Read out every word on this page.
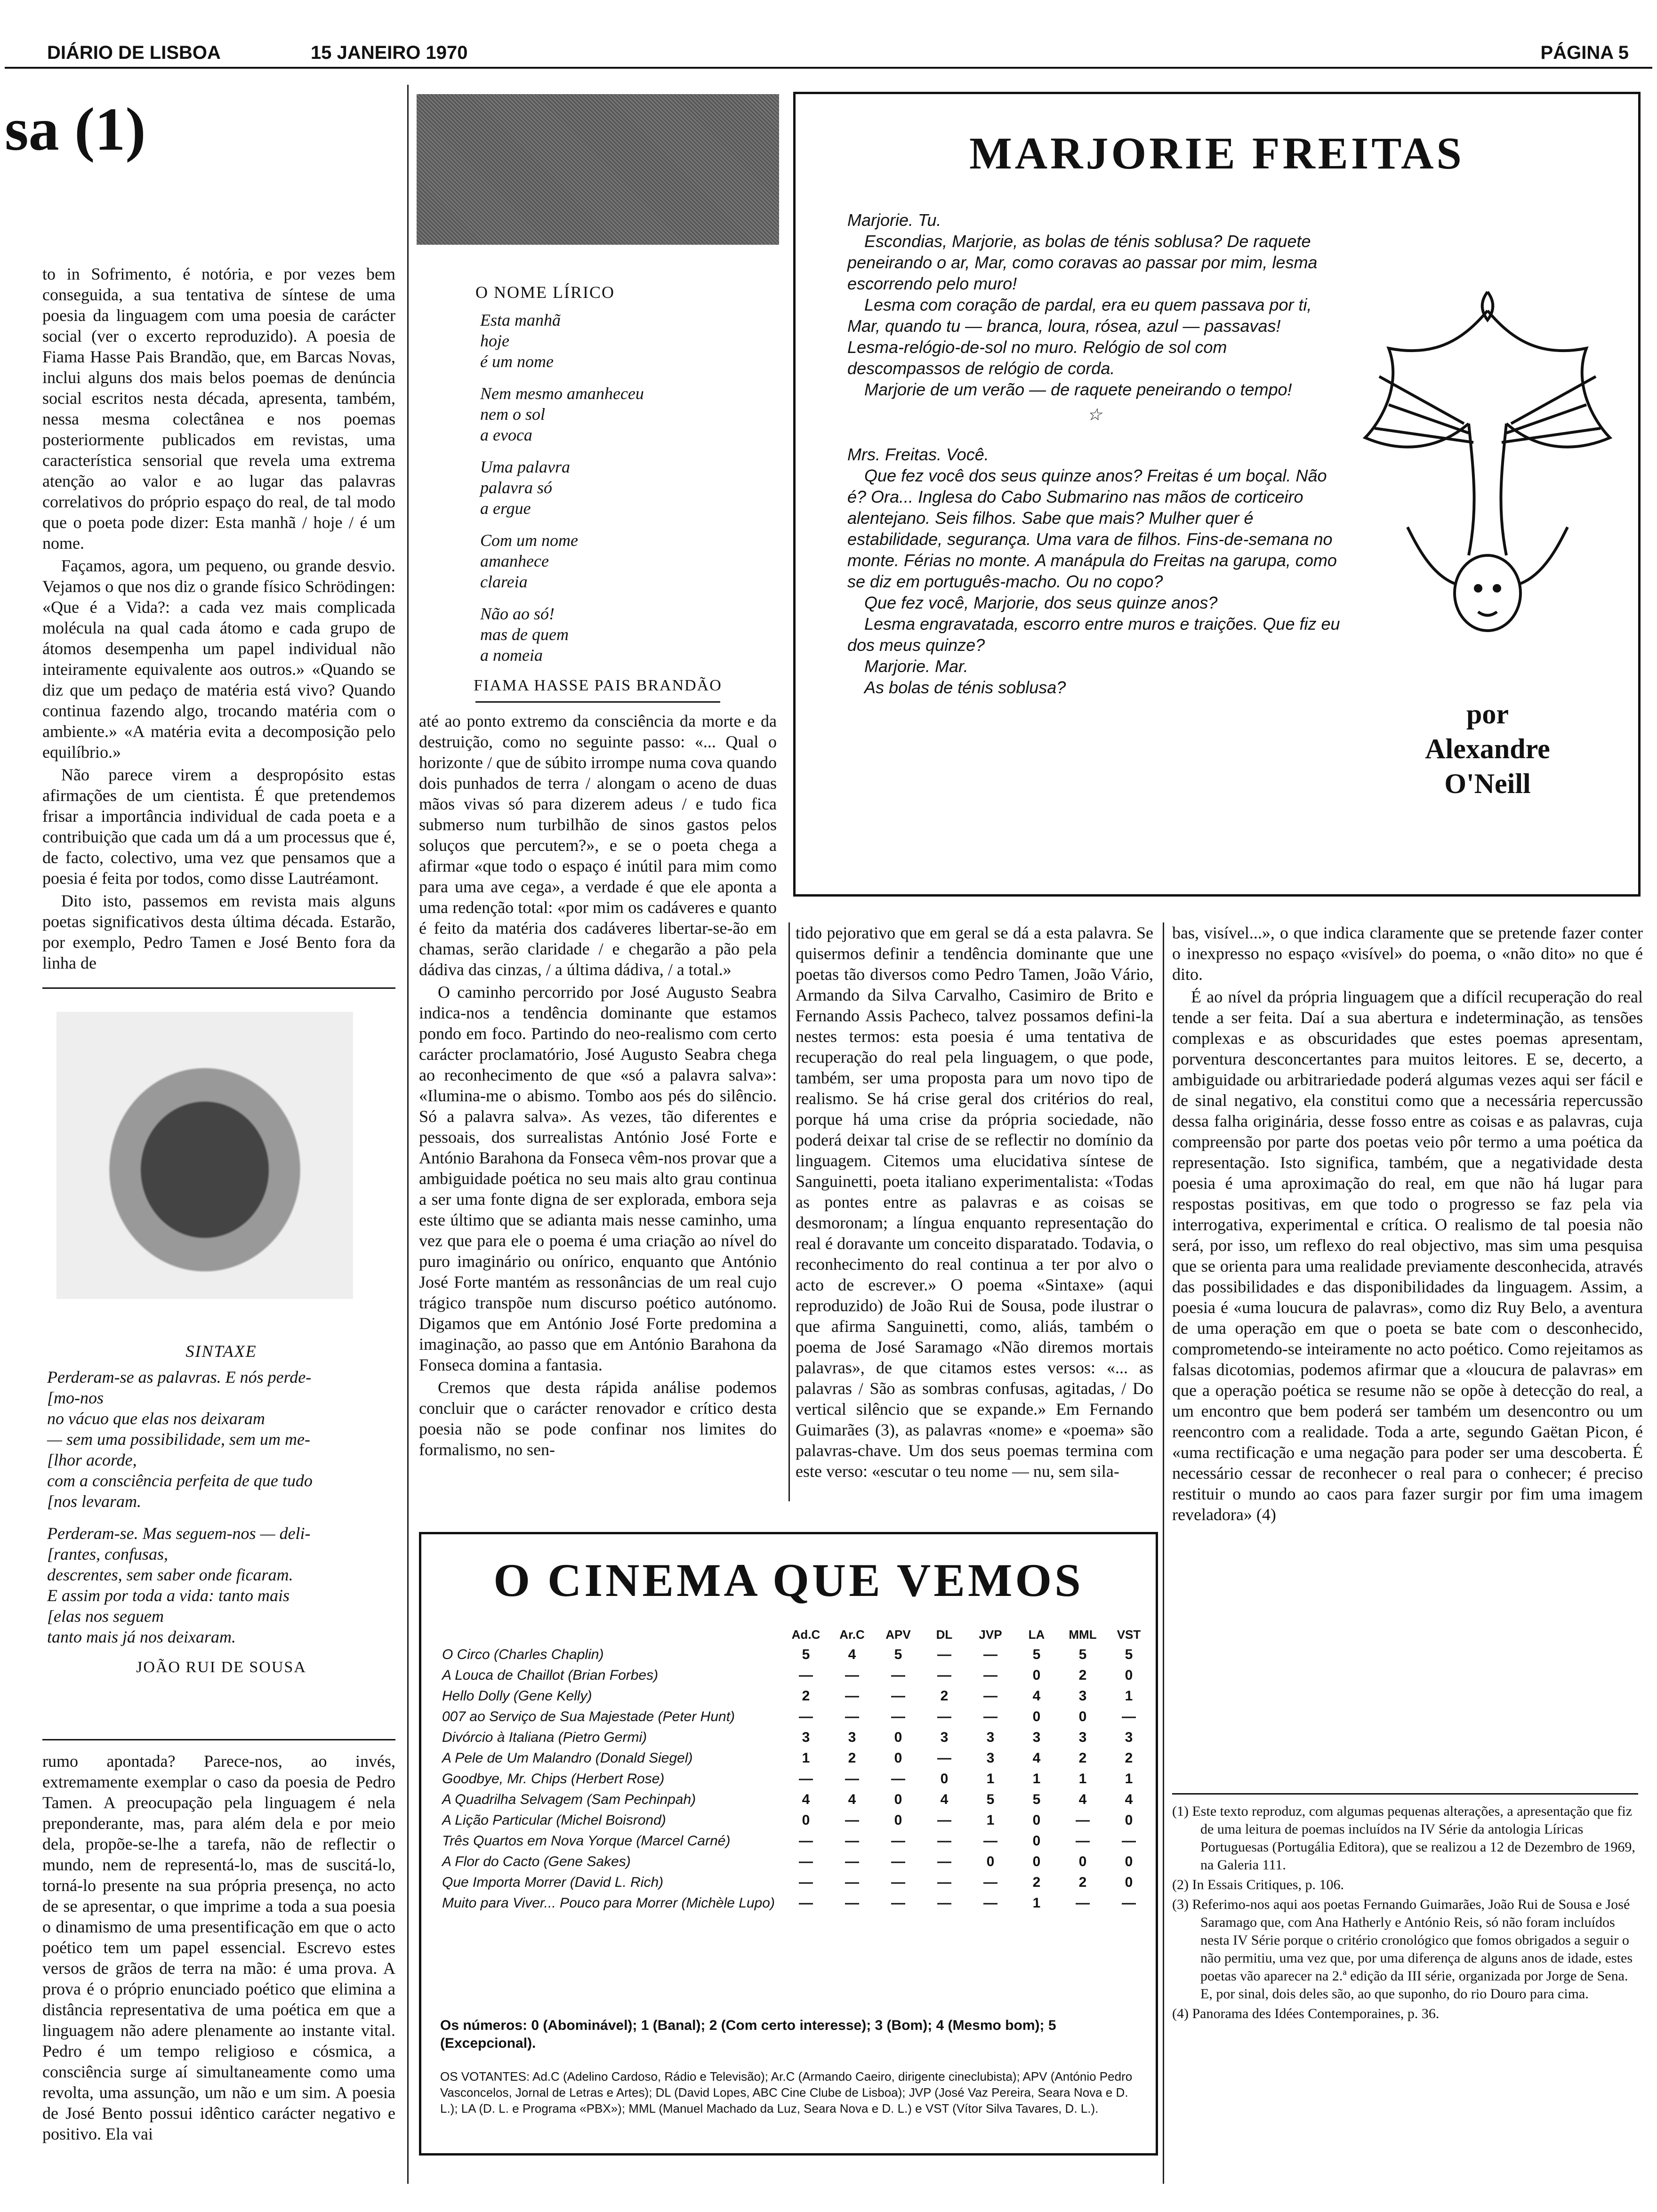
DIÁRIO DE LISBOA	15 JANEIRO 1970	PÁGINA 5
sa (1)

to in Sofrimento, é notória, e por vezes bem conseguida, a sua tentativa de síntese de uma poesia da linguagem com uma poesia de carácter social (ver o excerto reproduzido). A poesia de Fiama Hasse Pais Brandão, que, em Barcas Novas, inclui alguns dos mais belos poemas de denúncia social escritos nesta década, apresenta, também, nessa mesma colectânea e nos poemas posteriormente publicados em revistas, uma característica sensorial que revela uma extrema atenção ao valor e ao lugar das palavras correlativos do próprio espaço do real, de tal modo que o poeta pode dizer: Esta manhã / hoje / é um nome.

Façamos, agora, um pequeno, ou grande desvio. Vejamos o que nos diz o grande físico Schrödingen: «Que é a Vida?: a cada vez mais complicada molécula na qual cada átomo e cada grupo de átomos desempenha um papel individual não inteiramente equivalente aos outros.» «Quando se diz que um pedaço de matéria está vivo? Quando continua fazendo algo, trocando matéria com o ambiente.» «A matéria evita a decomposição pelo equilíbrio.»

Não parece virem a despropósito estas afirmações de um cientista. É que pretendemos frisar a importância individual de cada poeta e a contribuição que cada um dá a um processus que é, de facto, colectivo, uma vez que pensamos que a poesia é feita por todos, como disse Lautréamont.

Dito isto, passemos em revista mais alguns poetas significativos desta última década. Estarão, por exemplo, Pedro Tamen e José Bento fora da linha de

SINTAXE

Perderam-se as palavras. E nós perde-
[mo-nos
no vácuo que elas nos deixaram
— sem uma possibilidade, sem um me-
[lhor acorde,
com a consciência perfeita de que tudo
[nos levaram.

Perderam-se. Mas seguem-nos — deli-
[rantes, confusas,
descrentes, sem saber onde ficaram.
E assim por toda a vida: tanto mais
[elas nos seguem
tanto mais já nos deixaram.

JOÃO RUI DE SOUSA

rumo apontada? Parece-nos, ao invés, extremamente exemplar o caso da poesia de Pedro Tamen. A preocupação pela linguagem é nela preponderante, mas, para além dela e por meio dela, propõe-se-lhe a tarefa, não de reflectir o mundo, nem de representá-lo, mas de suscitá-lo, torná-lo presente na sua própria presença, no acto de se apresentar, o que imprime a toda a sua poesia o dinamismo de uma presentificação em que o acto poético tem um papel essencial. Escrevo estes versos de grãos de terra na mão: é uma prova. A prova é o próprio enunciado poético que elimina a distância representativa de uma poética em que a linguagem não adere plenamente ao instante vital. Pedro é um tempo religioso e cósmica, a consciência surge aí simultaneamente como uma revolta, uma assunção, um não e um sim. A poesia de José Bento possui idêntico carácter negativo e positivo. Ela vai

O NOME LÍRICO

Esta manhã
hoje
é um nome

Nem mesmo amanheceu
nem o sol
a evoca

Uma palavra
palavra só
a ergue

Com um nome
amanhece
clareia

Não ao só!
mas de quem
a nomeia

FIAMA HASSE PAIS BRANDÃO

até ao ponto extremo da consciência da morte e da destruição, como no seguinte passo: «... Qual o horizonte / que de súbito irrompe numa cova quando dois punhados de terra / alongam o aceno de duas mãos vivas só para dizerem adeus / e tudo fica submerso num turbilhão de sinos gastos pelos soluços que percutem?», e se o poeta chega a afirmar «que todo o espaço é inútil para mim como para uma ave cega», a verdade é que ele aponta a uma redenção total: «por mim os cadáveres e quanto é feito da matéria dos cadáveres libertar-se-ão em chamas, serão claridade / e chegarão a pão pela dádiva das cinzas, / a última dádiva, / a total.»

O caminho percorrido por José Augusto Seabra indica-nos a tendência dominante que estamos pondo em foco. Partindo do neo-realismo com certo carácter proclamatório, José Augusto Seabra chega ao reconhecimento de que «só a palavra salva»: «Ilumina-me o abismo. Tombo aos pés do silêncio. Só a palavra salva». As vezes, tão diferentes e pessoais, dos surrealistas António José Forte e António Barahona da Fonseca vêm-nos provar que a ambiguidade poética no seu mais alto grau continua a ser uma fonte digna de ser explorada, embora seja este último que se adianta mais nesse caminho, uma vez que para ele o poema é uma criação ao nível do puro imaginário ou onírico, enquanto que António José Forte mantém as ressonâncias de um real cujo trágico transpõe num discurso poético autónomo. Digamos que em António José Forte predomina a imaginação, ao passo que em António Barahona da Fonseca domina a fantasia.

Cremos que desta rápida análise podemos concluir que o carácter renovador e crítico desta poesia não se pode confinar nos limites do formalismo, no sen-

MARJORIE FREITAS

Marjorie. Tu.

Escondias, Marjorie, as bolas de ténis soblusa? De raquete peneirando o ar, Mar, como coravas ao passar por mim, lesma escorrendo pelo muro!

Lesma com coração de pardal, era eu quem passava por ti, Mar, quando tu — branca, loura, rósea, azul — passavas! Lesma-relógio-de-sol no muro. Relógio de sol com descompassos de relógio de corda.

Marjorie de um verão — de raquete peneirando o tempo!

☆

Mrs. Freitas. Você.

Que fez você dos seus quinze anos? Freitas é um boçal. Não é? Ora... Inglesa do Cabo Submarino nas mãos de corticeiro alentejano. Seis filhos. Sabe que mais? Mulher quer é estabilidade, segurança. Uma vara de filhos. Fins-de-semana no monte. Férias no monte. A manápula do Freitas na garupa, como se diz em português-macho. Ou no copo?

Que fez você, Marjorie, dos seus quinze anos?

Lesma engravatada, escorro entre muros e traições. Que fiz eu dos meus quinze?

Marjorie. Mar.

As bolas de ténis soblusa?

por
Alexandre
O'Neill

tido pejorativo que em geral se dá a esta palavra. Se quisermos definir a tendência dominante que une poetas tão diversos como Pedro Tamen, João Vário, Armando da Silva Carvalho, Casimiro de Brito e Fernando Assis Pacheco, talvez possamos defini-la nestes termos: esta poesia é uma tentativa de recuperação do real pela linguagem, o que pode, também, ser uma proposta para um novo tipo de realismo. Se há crise geral dos critérios do real, porque há uma crise da própria sociedade, não poderá deixar tal crise de se reflectir no domínio da linguagem. Citemos uma elucidativa síntese de Sanguinetti, poeta italiano experimentalista: «Todas as pontes entre as palavras e as coisas se desmoronam; a língua enquanto representação do real é doravante um conceito disparatado. Todavia, o reconhecimento do real continua a ter por alvo o acto de escrever.» O poema «Sintaxe» (aqui reproduzido) de João Rui de Sousa, pode ilustrar o que afirma Sanguinetti, como, aliás, também o poema de José Saramago «Não diremos mortais palavras», de que citamos estes versos: «... as palavras / São as sombras confusas, agitadas, / Do vertical silêncio que se expande.» Em Fernando Guimarães (3), as palavras «nome» e «poema» são palavras-chave. Um dos seus poemas termina com este verso: «escutar o teu nome — nu, sem sila-

bas, visível...», o que indica claramente que se pretende fazer conter o inexpresso no espaço «visível» do poema, o «não dito» no que é dito.

É ao nível da própria linguagem que a difícil recuperação do real tende a ser feita. Daí a sua abertura e indeterminação, as tensões complexas e as obscuridades que estes poemas apresentam, porventura desconcertantes para muitos leitores. E se, decerto, a ambiguidade ou arbitrariedade poderá algumas vezes aqui ser fácil e de sinal negativo, ela constitui como que a necessária repercussão dessa falha originária, desse fosso entre as coisas e as palavras, cuja compreensão por parte dos poetas veio pôr termo a uma poética da representação. Isto significa, também, que a negatividade desta poesia é uma aproximação do real, em que não há lugar para respostas positivas, em que todo o progresso se faz pela via interrogativa, experimental e crítica. O realismo de tal poesia não será, por isso, um reflexo do real objectivo, mas sim uma pesquisa que se orienta para uma realidade previamente desconhecida, através das possibilidades e das disponibilidades da linguagem. Assim, a poesia é «uma loucura de palavras», como diz Ruy Belo, a aventura de uma operação em que o poeta se bate com o desconhecido, comprometendo-se inteiramente no acto poético. Como rejeitamos as falsas dicotomias, podemos afirmar que a «loucura de palavras» em que a operação poética se resume não se opõe à detecção do real, a um encontro que bem poderá ser também um desencontro ou um reencontro com a realidade. Toda a arte, segundo Gaëtan Picon, é «uma rectificação e uma negação para poder ser uma descoberta. É necessário cessar de reconhecer o real para o conhecer; é preciso restituir o mundo ao caos para fazer surgir por fim uma imagem reveladora» (4)

(1) Este texto reproduz, com algumas pequenas alterações, a apresentação que fiz de uma leitura de poemas incluídos na IV Série da antologia Líricas Portuguesas (Portugália Editora), que se realizou a 12 de Dezembro de 1969, na Galeria 111.
(2) In Essais Critiques, p. 106.
(3) Referimo-nos aqui aos poetas Fernando Guimarães, João Rui de Sousa e José Saramago que, com Ana Hatherly e António Reis, só não foram incluídos nesta IV Série porque o critério cronológico que fomos obrigados a seguir o não permitiu, uma vez que, por uma diferença de alguns anos de idade, estes poetas vão aparecer na 2.ª edição da III série, organizada por Jorge de Sena. E, por sinal, dois deles são, ao que suponho, do rio Douro para cima.
(4) Panorama des Idées Contemporaines, p. 36.
O CINEMA QUE VEMOS
	Ad.C	Ar.C	APV	DL	JVP	LA	MML	VST
O Circo (Charles Chaplin)	5	4	5	—	—	5	5	5
A Louca de Chaillot (Brian Forbes)	—	—	—	—	—	0	2	0
Hello Dolly (Gene Kelly)	2	—	—	2	—	4	3	1
007 ao Serviço de Sua Majestade (Peter Hunt)	—	—	—	—	—	0	0	—
Divórcio à Italiana (Pietro Germi)	3	3	0	3	3	3	3	3
A Pele de Um Malandro (Donald Siegel)	1	2	0	—	3	4	2	2
Goodbye, Mr. Chips (Herbert Rose)	—	—	—	0	1	1	1	1
A Quadrilha Selvagem (Sam Pechinpah)	4	4	0	4	5	5	4	4
A Lição Particular (Michel Boisrond)	0	—	0	—	1	0	—	0
Três Quartos em Nova Yorque (Marcel Carné)	—	—	—	—	—	0	—	—
A Flor do Cacto (Gene Sakes)	—	—	—	—	0	0	0	0
Que Importa Morrer (David L. Rich)	—	—	—	—	—	2	2	0
Muito para Viver... Pouco para Morrer (Michèle Lupo)	—	—	—	—	—	1	—	—
Os números: 0 (Abominável); 1 (Banal); 2 (Com certo interesse); 3 (Bom); 4 (Mesmo bom); 5 (Excepcional).
OS VOTANTES: Ad.C (Adelino Cardoso, Rádio e Televisão); Ar.C (Armando Caeiro, dirigente cineclubista); APV (António Pedro Vasconcelos, Jornal de Letras e Artes); DL (David Lopes, ABC Cine Clube de Lisboa); JVP (José Vaz Pereira, Seara Nova e D. L.); LA (D. L. e Programa «PBX»); MML (Manuel Machado da Luz, Seara Nova e D. L.) e VST (Vítor Silva Tavares, D. L.).
